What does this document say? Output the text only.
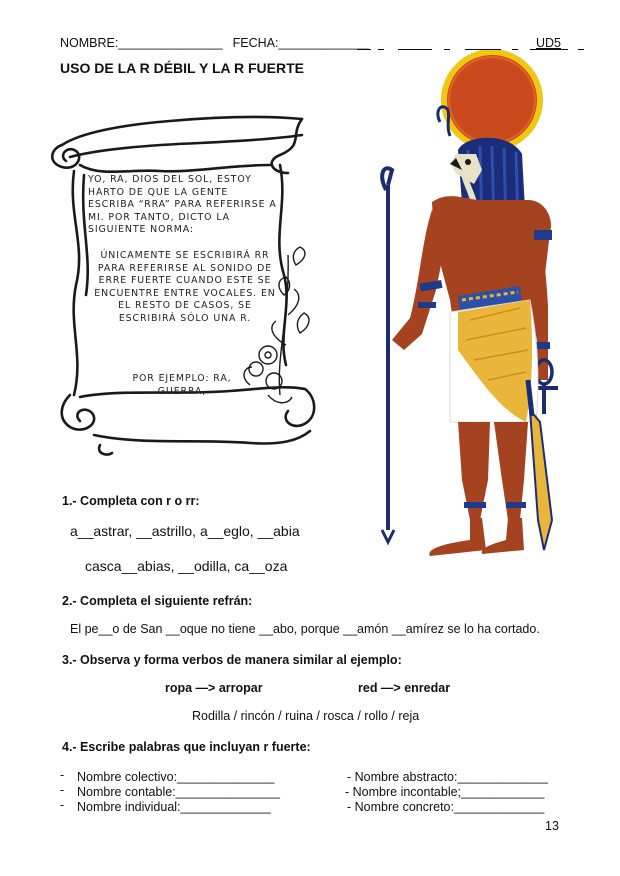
NOMBRE:_______________ FECHA:_____________	UD5
USO DE LA R DÉBIL Y LA R FUERTE
YO, RA, DIOS DEL SOL, ESTOY HARTO DE QUE LA GENTE ESCRIBA “RRA” PARA REFERIRSE A MI. POR TANTO, DICTO LA SIGUIENTE NORMA:
ÚNICAMENTE SE ESCRIBIRÁ RR PARA REFERIRSE AL SONIDO DE ERRE FUERTE CUANDO ESTE SE ENCUENTRE ENTRE VOCALES. EN EL RESTO DE CASOS, SE ESCRIBIRÁ SÓLO UNA R.
POR EJEMPLO: RA, GUERRA,
1.- Completa con r o rr:
a__astrar, __astrillo, a__eglo, __abia
casca__abias, __odilla, ca__oza
2.- Completa el siguiente refrán:
El pe__o de San __oque no tiene __abo, porque __amón __amírez se lo ha cortado.
3.- Observa y forma verbos de manera similar al ejemplo:
ropa —> arropar	red —> enredar
Rodilla / rincón / ruina / rosca / rollo / reja
4.- Escribe palabras que incluyan r fuerte:
-
-
-
Nombre colectivo:______________
Nombre contable:_______________
Nombre individual:_____________
- Nombre abstracto:_____________
- Nombre incontable;____________
- Nombre concreto:_____________
13
